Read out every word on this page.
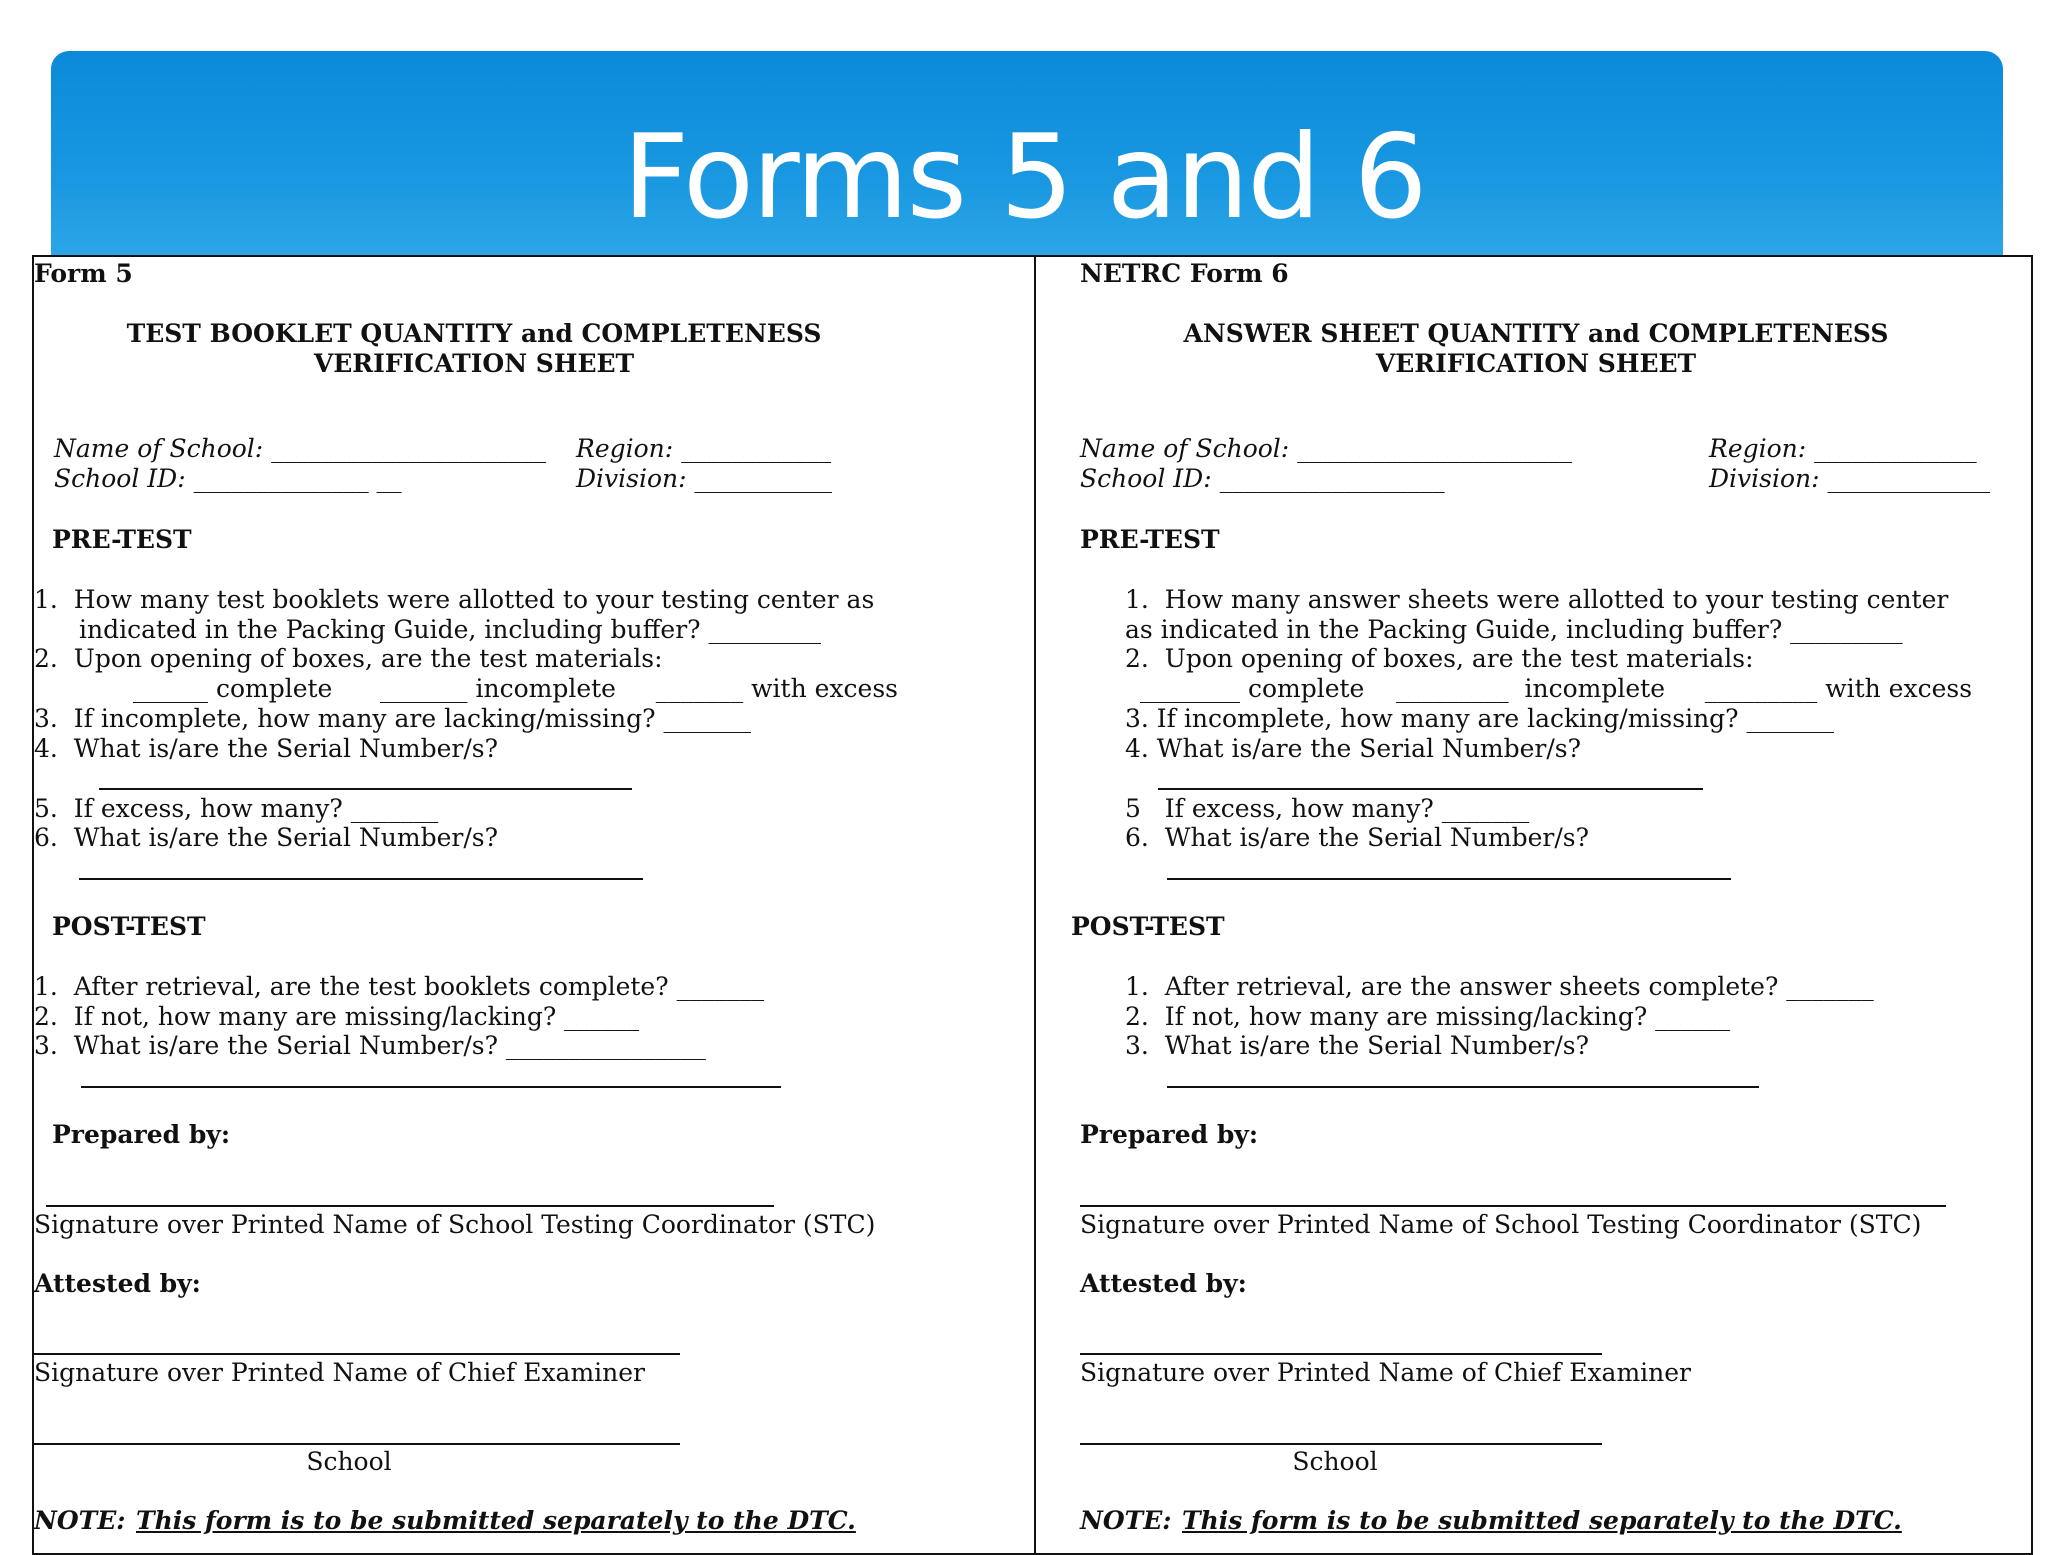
Forms 5 and 6
Form 5
TEST BOOKLET QUANTITY and COMPLETENESS
VERIFICATION SHEET
Name of School: ______________________ Region: ____________
School ID: ______________ __	Division: ___________
PRE-TEST
1.  How many test booklets were allotted to your testing center as
indicated in the Packing Guide, including buffer? _________
2.  Upon opening of boxes, are the test materials:
______ complete      _______ incomplete     _______ with excess
3.  If incomplete, how many are lacking/missing? _______
4.  What is/are the Serial Number/s?
5.  If excess, how many? _______
6.  What is/are the Serial Number/s?
POST-TEST
1.  After retrieval, are the test booklets complete? _______
2.  If not, how many are missing/lacking? ______
3.  What is/are the Serial Number/s? ________________
Prepared by:
Signature over Printed Name of School Testing Coordinator (STC)
Attested by:
Signature over Printed Name of Chief Examiner
School
NOTE: This form is to be submitted separately to the DTC.
NETRC Form 6
ANSWER SHEET QUANTITY and COMPLETENESS
VERIFICATION SHEET
Name of School: ______________________	Region: _____________
School ID: __________________	Division: _____________
PRE-TEST
1.  How many answer sheets were allotted to your testing center
as indicated in the Packing Guide, including buffer? _________
2.  Upon opening of boxes, are the test materials:
________ complete    _________  incomplete     _________ with excess
3. If incomplete, how many are lacking/missing? _______
4. What is/are the Serial Number/s?
5   If excess, how many? _______
6.  What is/are the Serial Number/s?
POST-TEST
1.  After retrieval, are the answer sheets complete? _______
2.  If not, how many are missing/lacking? ______
3.  What is/are the Serial Number/s?
Prepared by:
Signature over Printed Name of School Testing Coordinator (STC)
Attested by:
Signature over Printed Name of Chief Examiner
School
NOTE: This form is to be submitted separately to the DTC.
